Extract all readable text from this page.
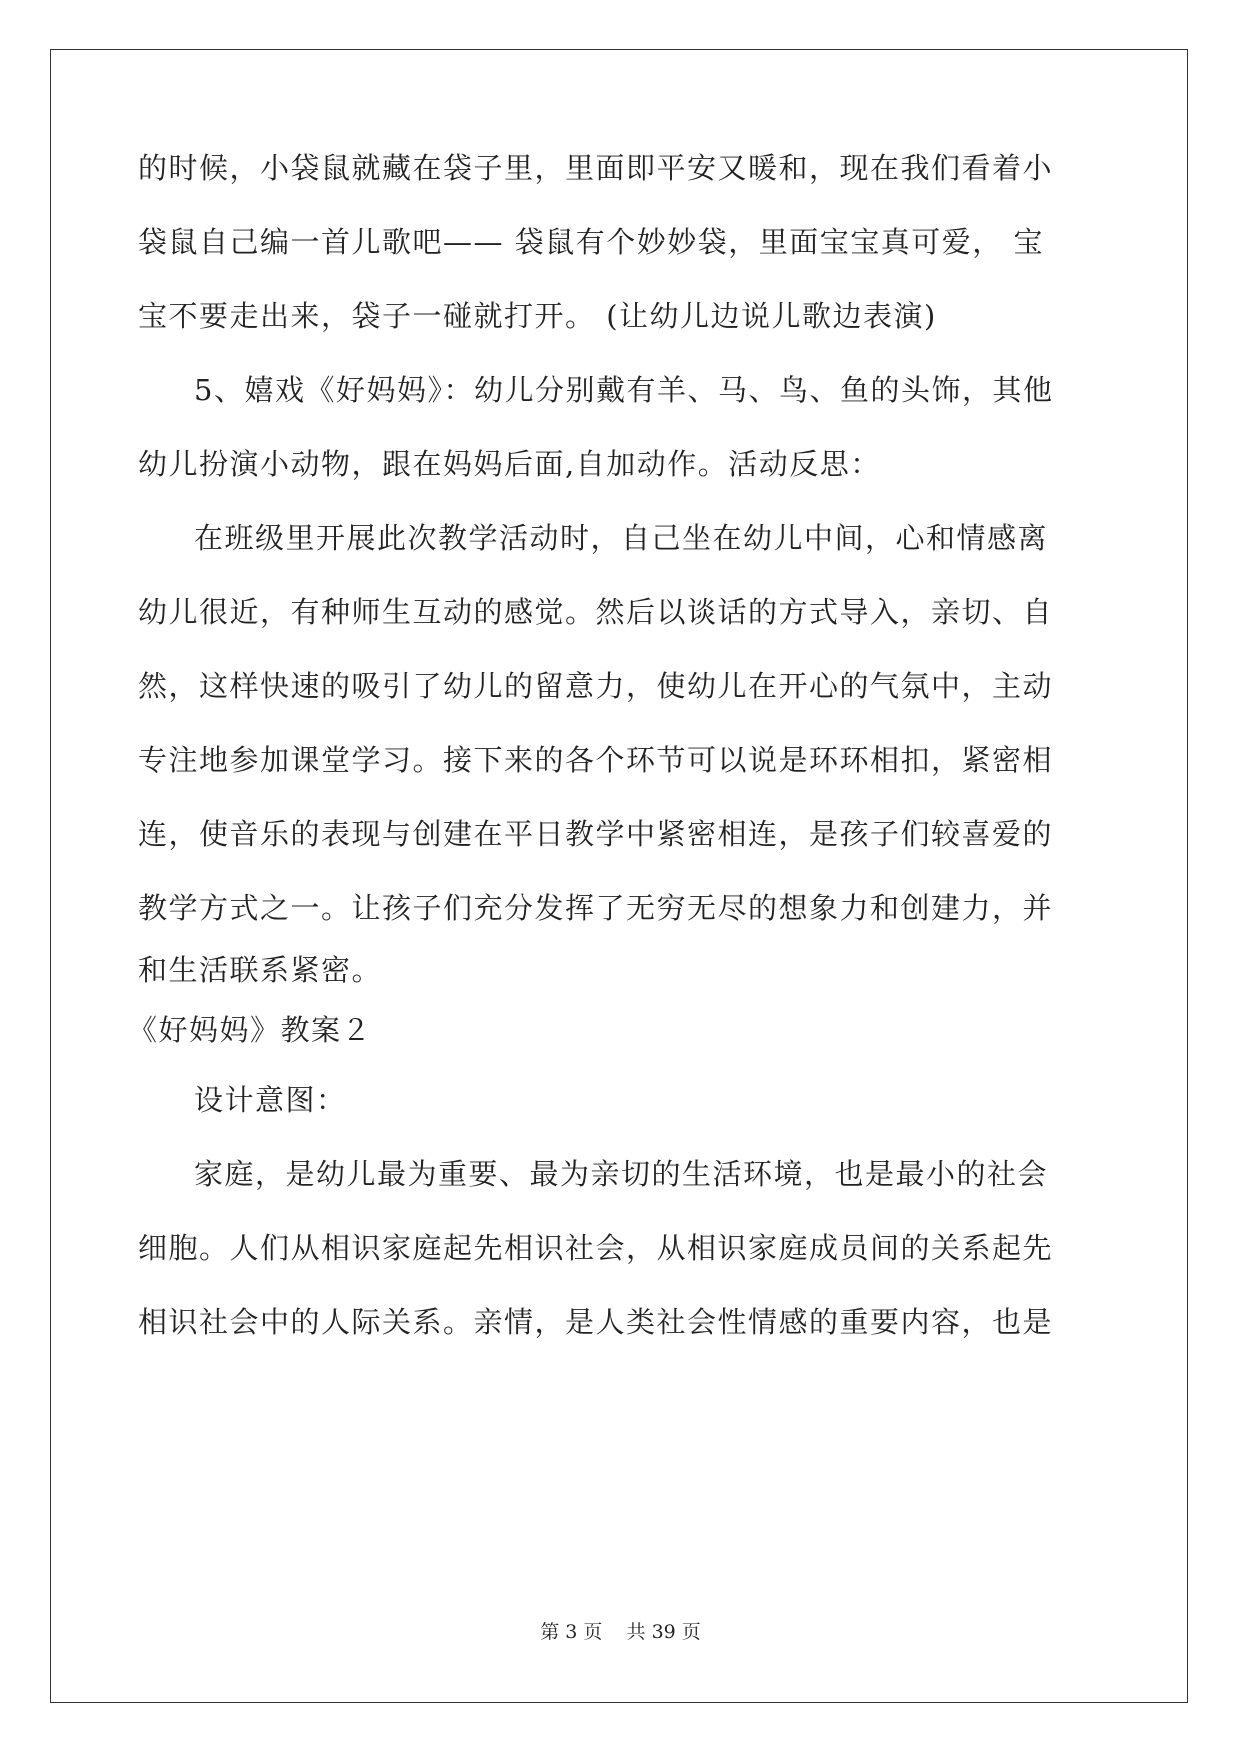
的时候，小袋鼠就藏在袋子里，里面即平安又暖和，现在我们看着小
袋鼠自己编一首儿歌吧—— 袋鼠有个妙妙袋，里面宝宝真可爱， 宝
宝不要走出来，袋子一碰就打开。 (让幼儿边说儿歌边表演)
5、嬉戏《好妈妈》：幼儿分别戴有羊、马、鸟、鱼的头饰，其他
幼儿扮演小动物，跟在妈妈后面,自加动作。活动反思：
在班级里开展此次教学活动时，自己坐在幼儿中间，心和情感离
幼儿很近，有种师生互动的感觉。然后以谈话的方式导入，亲切、自
然，这样快速的吸引了幼儿的留意力，使幼儿在开心的气氛中，主动
专注地参加课堂学习。接下来的各个环节可以说是环环相扣，紧密相
连，使音乐的表现与创建在平日教学中紧密相连，是孩子们较喜爱的
教学方式之一。让孩子们充分发挥了无穷无尽的想象力和创建力，并
和生活联系紧密。
《好妈妈》教案２
设计意图：
家庭，是幼儿最为重要、最为亲切的生活环境，也是最小的社会
细胞。人们从相识家庭起先相识社会，从相识家庭成员间的关系起先
相识社会中的人际关系。亲情，是人类社会性情感的重要内容，也是
第 3 页    共 39 页
